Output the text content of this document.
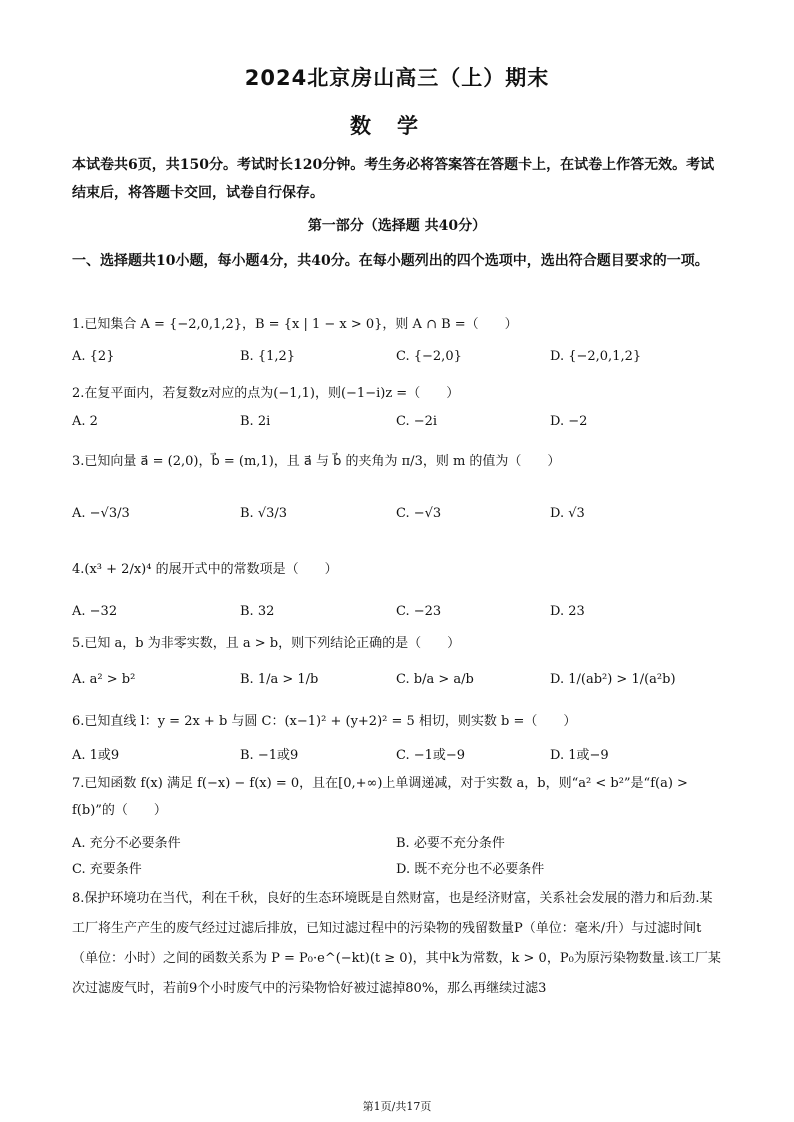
2024北京房山高三（上）期末
数学
本试卷共6页，共150分。考试时长120分钟。考生务必将答案答在答题卡上，在试卷上作答无效。考试结束后，将答题卡交回，试卷自行保存。
第一部分（选择题 共40分）
一、选择题共10小题，每小题4分，共40分。在每小题列出的四个选项中，选出符合题目要求的一项。
1.已知集合 A = {−2,0,1,2}，B = {x | 1 − x > 0}，则 A ∩ B =（　　）
A. {2}	B. {1,2}	C. {−2,0}	D. {−2,0,1,2}
2.在复平面内，若复数z对应的点为(−1,1)，则(−1−i)z =（　　）
A. 2	B. 2i	C. −2i	D. −2
3.已知向量 a⃗ = (2,0)，b⃗ = (m,1)，且 a⃗ 与 b⃗ 的夹角为 π/3，则 m 的值为（　　）
A. −√3/3	B. √3/3	C. −√3	D. √3
4.(x³ + 2/x)⁴ 的展开式中的常数项是（　　）
A. −32	B. 32	C. −23	D. 23
5.已知 a，b 为非零实数，且 a > b，则下列结论正确的是（　　）
A. a² > b²	B. 1/a > 1/b	C. b/a > a/b	D. 1/(ab²) > 1/(a²b)
6.已知直线 l：y = 2x + b 与圆 C：(x−1)² + (y+2)² = 5 相切，则实数 b =（　　）
A. 1或9	B. −1或9	C. −1或−9	D. 1或−9
7.已知函数 f(x) 满足 f(−x) − f(x) = 0，且在[0,+∞)上单调递减，对于实数 a，b，则“a² < b²”是“f(a) > f(b)”的（　　）
A. 充分不必要条件	B. 必要不充分条件
C. 充要条件	D. 既不充分也不必要条件
8.保护环境功在当代，利在千秋，良好的生态环境既是自然财富，也是经济财富，关系社会发展的潜力和后劲.某工厂将生产产生的废气经过过滤后排放，已知过滤过程中的污染物的残留数量P（单位：毫米/升）与过滤时间t（单位：小时）之间的函数关系为 P = P₀·e^(−kt)(t ≥ 0)，其中k为常数，k > 0，P₀为原污染物数量.该工厂某次过滤废气时，若前9个小时废气中的污染物恰好被过滤掉80%，那么再继续过滤3
第1页/共17页
